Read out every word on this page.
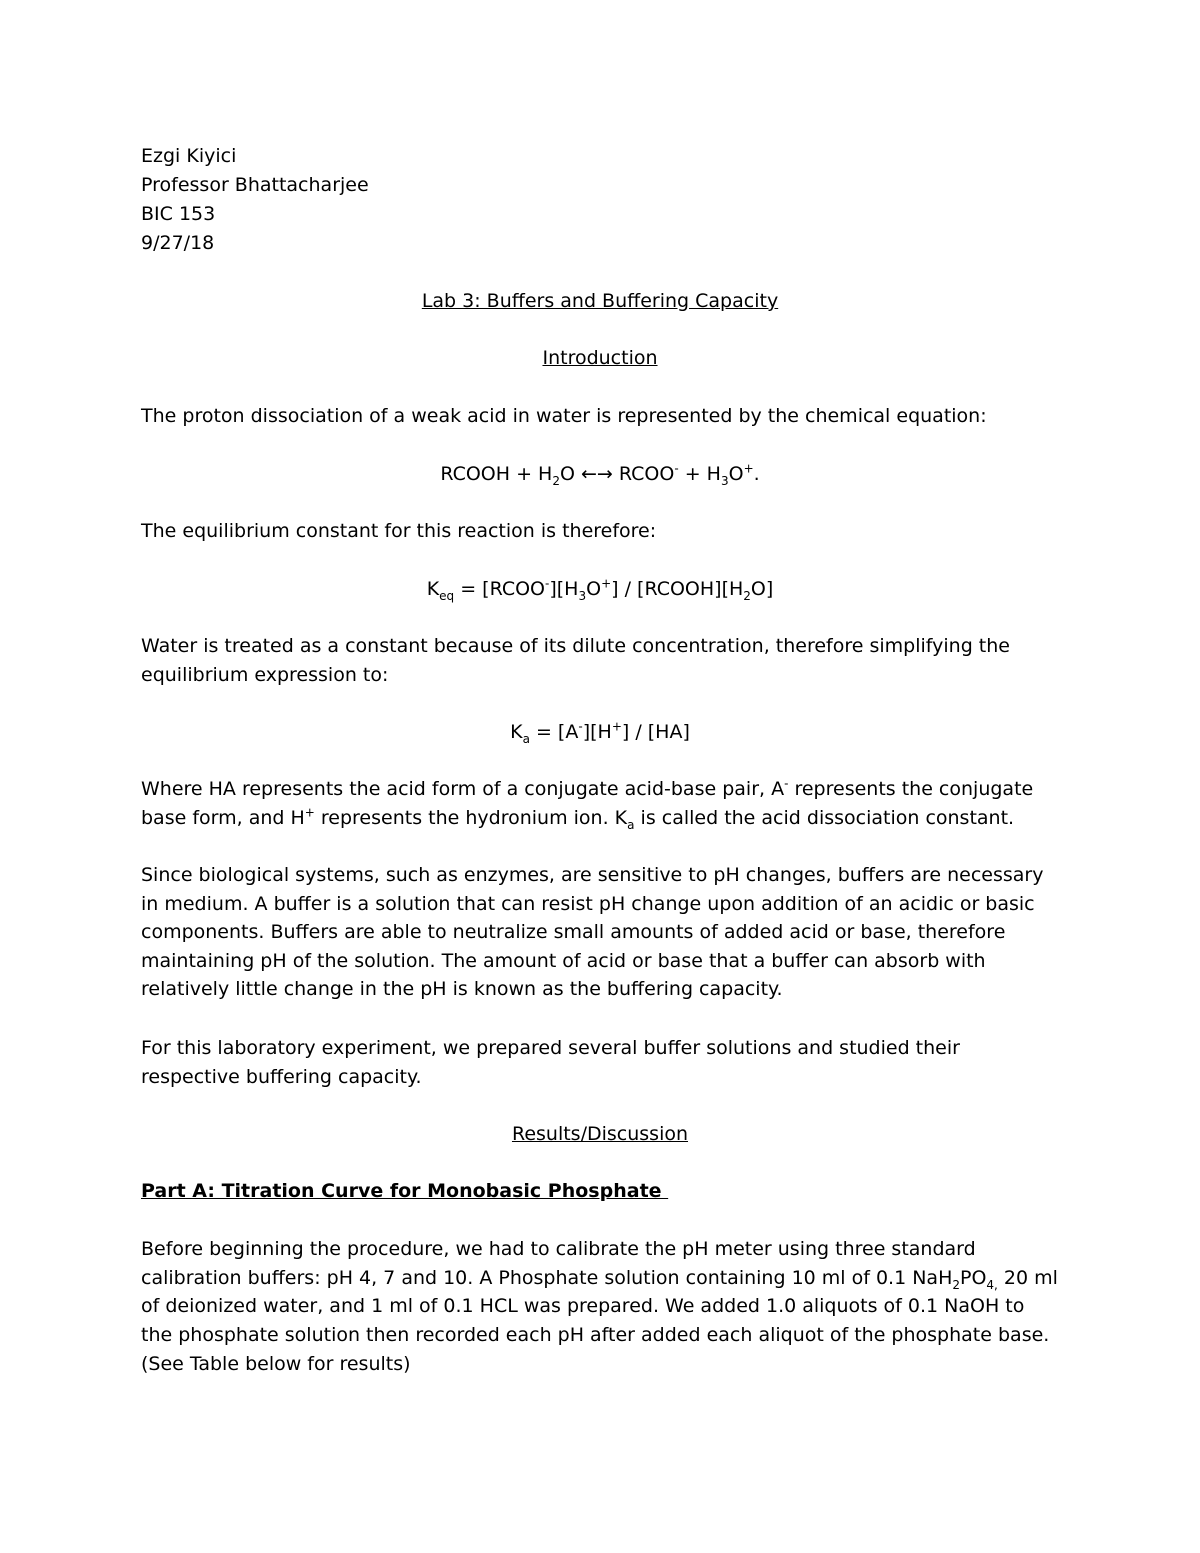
Ezgi Kiyici

Professor Bhattacharjee

BIC 153

9/27/18

Lab 3: Buffers and Buffering Capacity

Introduction

The proton dissociation of a weak acid in water is represented by the chemical equation:

RCOOH + $H_2O$ ←→ RCOO- + $H_3O^+$.

The equilibrium constant for this reaction is therefore:

$K_{eq}$ = $[RCOO^-][H_3O^+]$ / $[RCOOH][H_2O]$

Water is treated as a constant because of its dilute concentration, therefore simplifying the equilibrium expression to:

$K_a = [A^-][H^+] / [HA]$

Where HA represents the acid form of a conjugate acid-base pair, A- represents the conjugate base form, and H+ represents the hydronium ion. $K_a$ is called the acid dissociation constant.

Since biological systems, such as enzymes, are sensitive to pH changes, buffers are necessary in medium. A buffer is a solution that can resist pH change upon addition of an acidic or basic components. Buffers are able to neutralize small amounts of added acid or base, therefore maintaining pH of the solution. The amount of acid or base that a buffer can absorb with relatively little change in the pH is known as the buffering capacity.

For this laboratory experiment, we prepared several buffer solutions and studied their respective buffering capacity.

Results/Discussion

Part A: Titration Curve for Monobasic Phosphate

Before beginning the procedure, we had to calibrate the pH meter using three standard calibration buffers: pH 4, 7 and 10. A Phosphate solution containing 10 ml of 0.1 $NaH_2PO_{4,}$ 20 ml of deionized water, and 1 ml of 0.1 HCL was prepared. We added 1.0 aliquots of 0.1 NaOH to the phosphate solution then recorded each pH after added each aliquot of the phosphate base.

(See Table below for results)
